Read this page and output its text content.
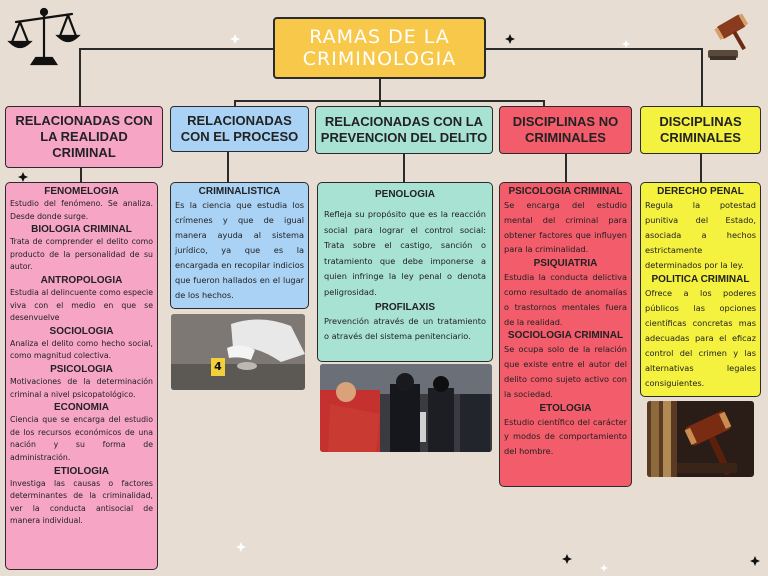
RAMAS DE LA CRIMINOLOGIA
RELACIONADAS CON LA REALIDAD CRIMINAL
RELACIONADAS CON EL PROCESO
RELACIONADAS CON LA PREVENCION DEL DELITO
DISCIPLINAS NO CRIMINALES
DISCIPLINAS CRIMINALES
FENOMELOGIA

Estudio del fenómeno. Se analiza. Desde donde surge.

BIOLOGIA CRIMINAL

Trata de comprender el delito como producto de la personalidad de su autor.

ANTROPOLOGIA

Estudia al delincuente como especie viva con el medio en que se desenvuelve

SOCIOLOGIA

Analiza el delito como hecho social, como magnitud colectiva.

PSICOLOGIA

Motivaciones de la determinación criminal a nivel psicopatológico.

ECONOMIA

Ciencia que se encarga del estudio de los recursos económicos de una nación y su forma de administración.

ETIOLOGIA

Investiga las causas o factores determinantes de la criminalidad, ver la conducta antisocial de manera individual.

CRIMINALISTICA

Es la ciencia que estudia los crímenes y que de igual manera ayuda al sistema jurídico, ya que es la encargada en recopilar indicios que fueron hallados en el lugar de los hechos.

4
PENOLOGIA

Refleja su propósito que es la reacción social para lograr el control social: Trata sobre el castigo, sanción o tratamiento que debe imponerse a quien infringe la ley penal o denota peligrosidad.

PROFILAXIS

Prevención através de un tratamiento o através del sistema penitenciario.

PSICOLOGIA CRIMINAL

Se encarga del estudio mental del criminal para obtener factores que influyen para la criminalidad.

PSIQUIATRIA

Estudia la conducta delictiva como resultado de anomalías o trastornos mentales fuera de la realidad.

SOCIOLOGIA CRIMINAL

Se ocupa solo de la relación que existe entre el autor del delito como sujeto activo con la sociedad.

ETOLOGIA

Estudio científico del carácter y modos de comportamiento del hombre.

DERECHO PENAL

Regula la potestad punitiva del Estado, asociada a hechos estrictamente determinados por la ley.

POLITICA CRIMINAL

Ofrece a los poderes públicos las opciones científicas concretas mas adecuadas para el eficaz control del crimen y las alternativas legales consiguientes.
